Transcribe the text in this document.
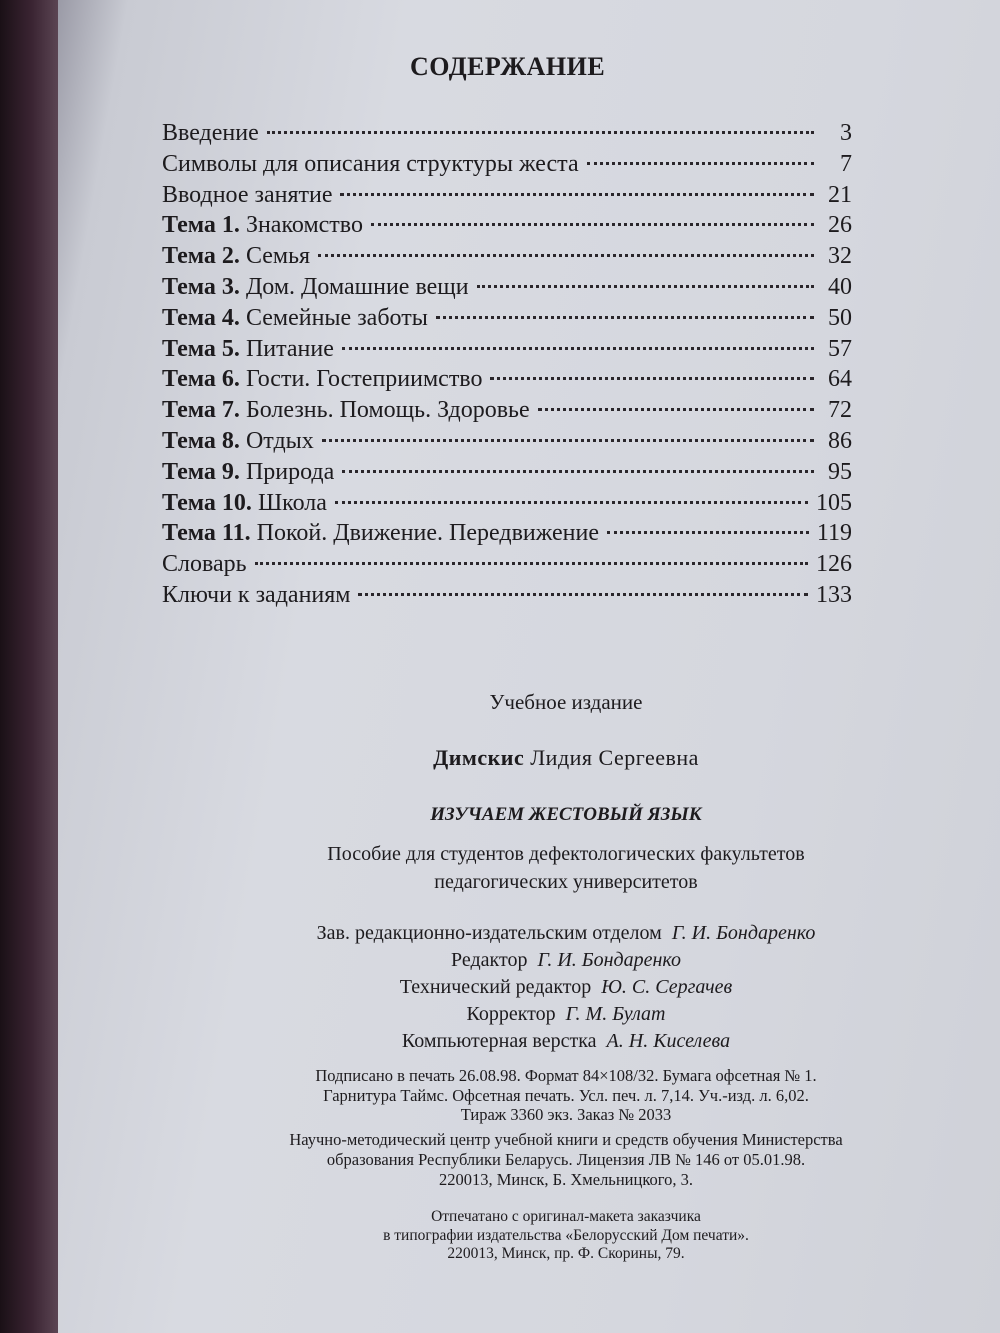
СОДЕРЖАНИЕ
Введение	3
Символы для описания структуры жеста	7
Вводное занятие	21
Тема 1. Знакомство	26
Тема 2. Семья	32
Тема 3. Дом. Домашние вещи	40
Тема 4. Семейные заботы	50
Тема 5. Питание	57
Тема 6. Гости. Гостеприимство	64
Тема 7. Болезнь. Помощь. Здоровье	72
Тема 8. Отдых	86
Тема 9. Природа	95
Тема 10. Школа	105
Тема 11. Покой. Движение. Передвижение	119
Словарь	126
Ключи к заданиям	133
Учебное издание
Димскис Лидия Сергеевна
ИЗУЧАЕМ ЖЕСТОВЫЙ ЯЗЫК
Пособие для студентов дефектологических факультетов
педагогических университетов
Зав. редакционно-издательским отделом Г. И. Бондаренко
Редактор Г. И. Бондаренко
Технический редактор Ю. С. Сергачев
Корректор Г. М. Булат
Компьютерная верстка А. Н. Киселева
Подписано в печать 26.08.98. Формат 84×108/32. Бумага офсетная № 1.
Гарнитура Таймс. Офсетная печать. Усл. печ. л. 7,14. Уч.-изд. л. 6,02.
Тираж 3360 экз. Заказ № 2033
Научно-методический центр учебной книги и средств обучения Министерства
образования Республики Беларусь. Лицензия ЛВ № 146 от 05.01.98.
220013, Минск, Б. Хмельницкого, 3.
Отпечатано с оригинал-макета заказчика
в типографии издательства «Белорусский Дом печати».
220013, Минск, пр. Ф. Скорины, 79.
